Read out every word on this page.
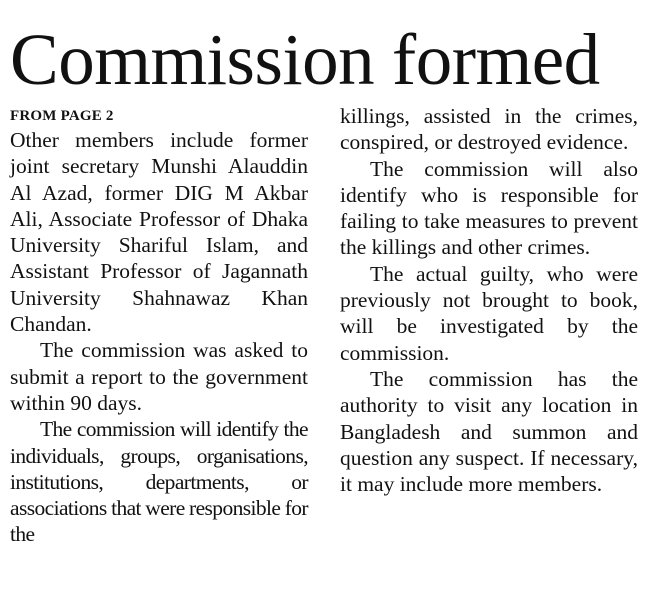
Commission formed
FROM PAGE 2

Other members include former joint secretary Munshi Alauddin Al Azad, former DIG M Akbar Ali, Associate Professor of Dhaka University Shariful Islam, and Assistant Professor of Jagannath University Shahnawaz Khan Chandan.

The commission was asked to submit a report to the government within 90 days.

The commission will identify the individuals, groups, organisations, institutions, departments, or associations that were responsible for the

killings, assisted in the crimes, conspired, or destroyed evidence.

The commission will also identify who is responsible for failing to take measures to prevent the killings and other crimes.

The actual guilty, who were previously not brought to book, will be investigated by the commission.

The commission has the authority to visit any location in Bangladesh and summon and question any suspect. If necessary, it may include more members.
